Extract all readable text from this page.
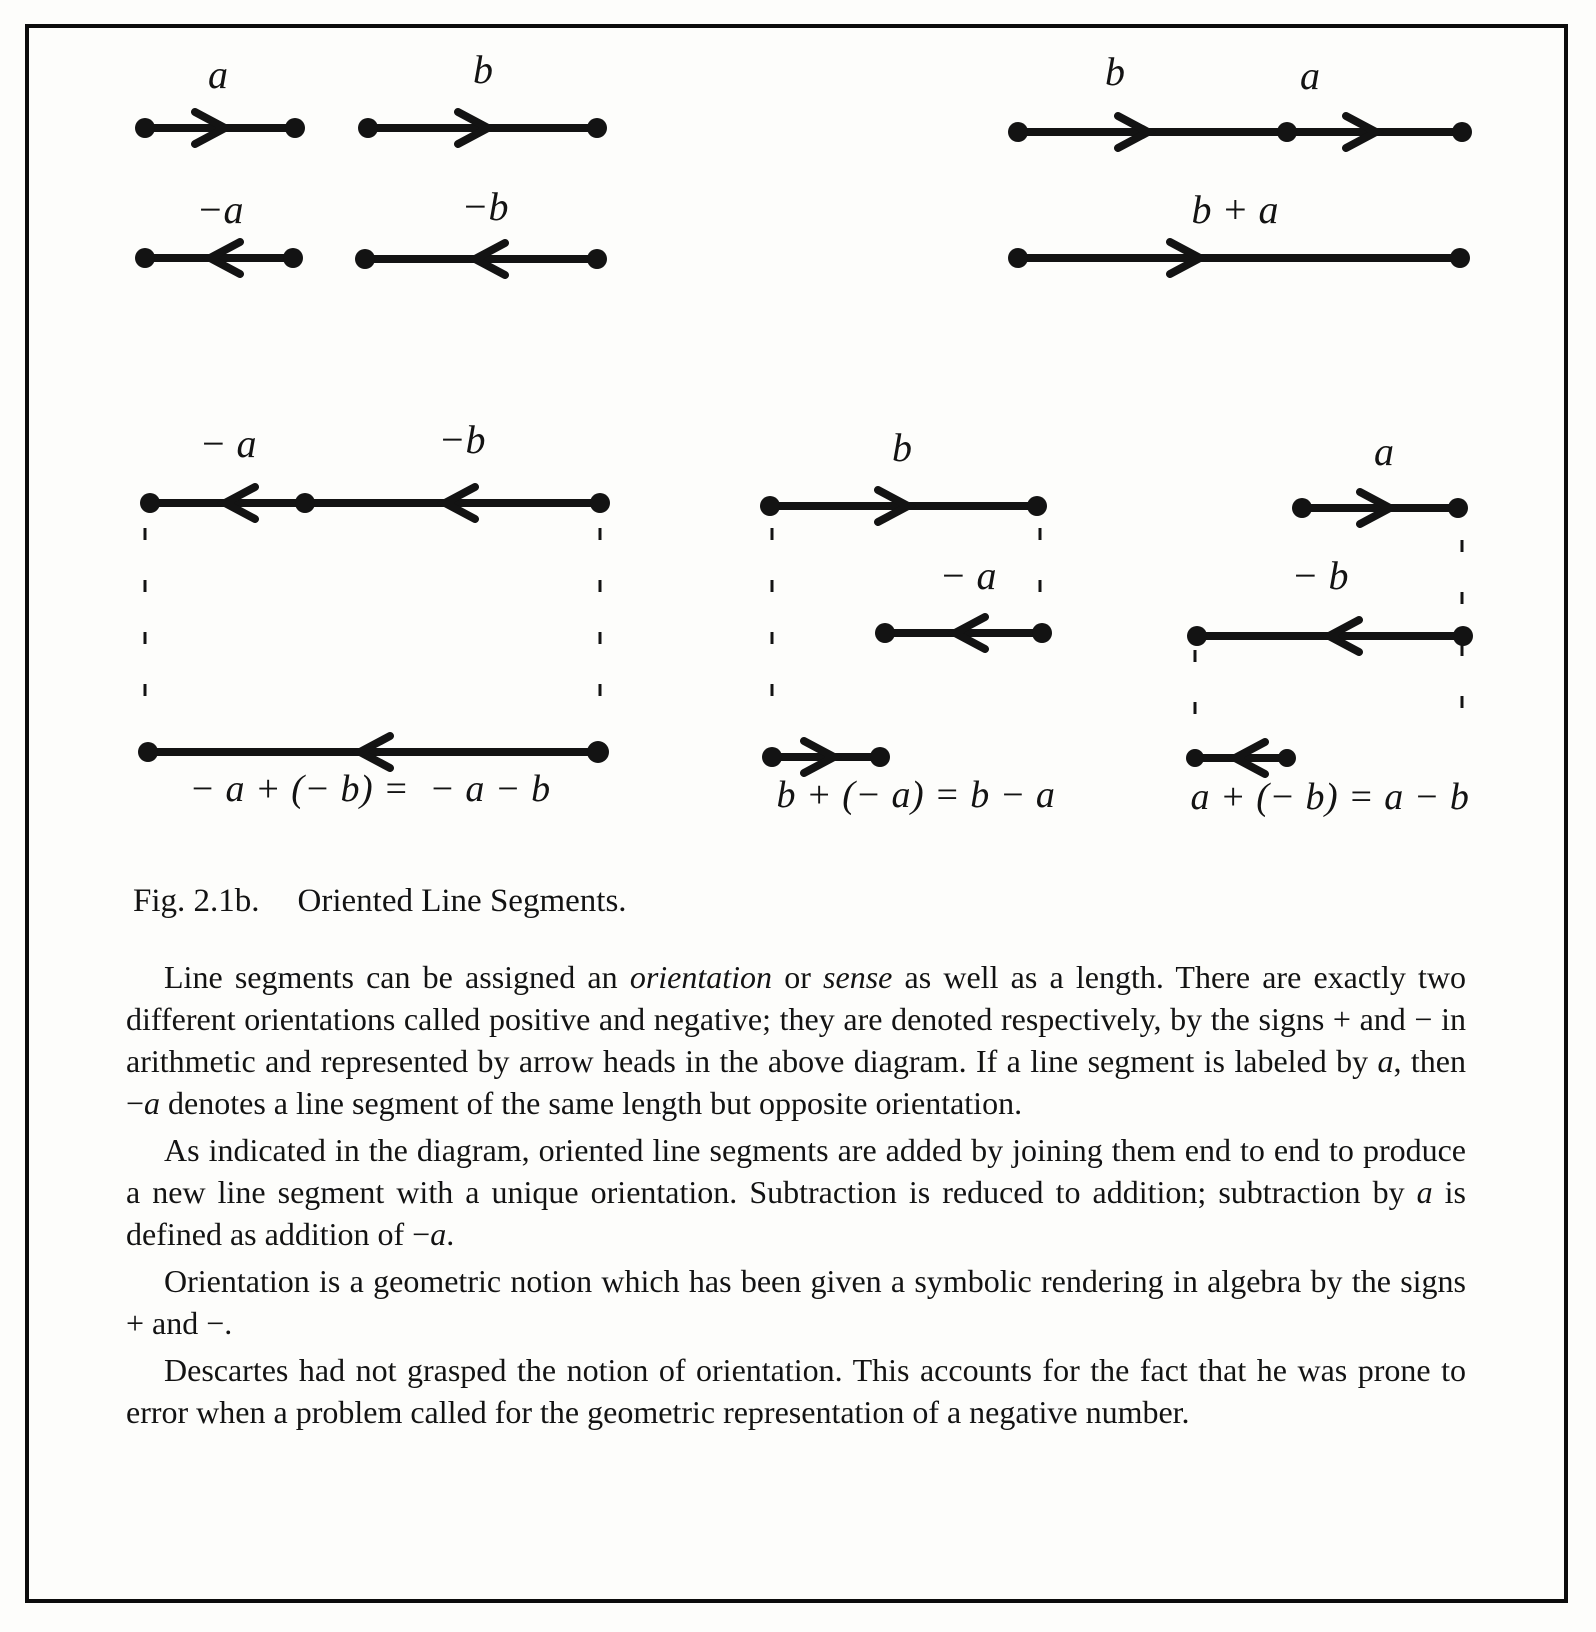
a	b	b	a
−a	−b	b + a
− a	−b	b
− a
a
− b
− a + (− b) =  − a − b	b + (− a) = b − a	a + (− b) = a − b
Fig. 2.1b. Oriented Line Segments.

Line segments can be assigned an orientation or sense as well as a length. There are exactly two different orientations called positive and negative; they are denoted respectively, by the signs + and − in arithmetic and represented by arrow heads in the above diagram. If a line segment is labeled by a, then −a denotes a line segment of the same length but opposite orientation.

As indicated in the diagram, oriented line segments are added by joining them end to end to produce a new line segment with a unique orientation. Subtraction is reduced to addition; subtraction by a is defined as addition of −a.

Orientation is a geometric notion which has been given a symbolic rendering in algebra by the signs + and −.

Descartes had not grasped the notion of orientation. This accounts for the fact that he was prone to error when a problem called for the geometric representation of a negative number.
